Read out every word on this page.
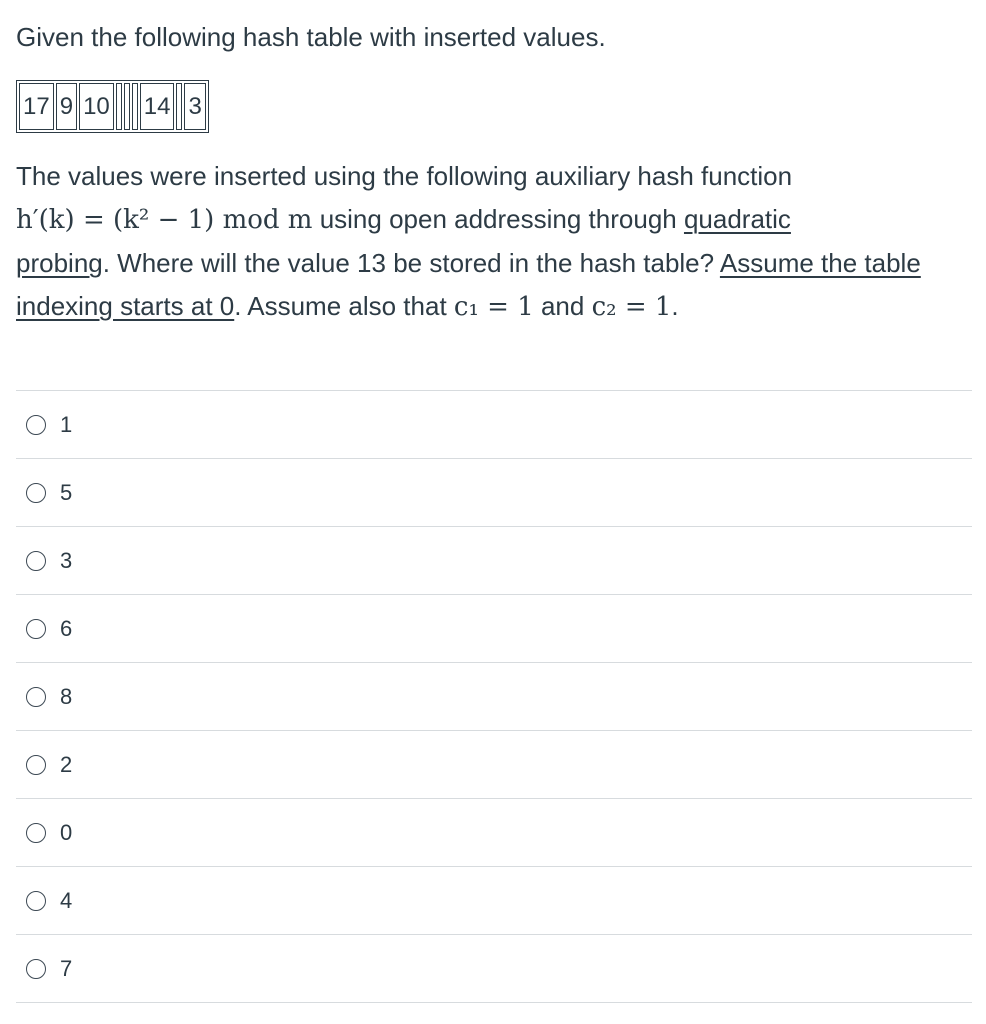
Given the following hash table with inserted values.

17	9	10				14		3

The values were inserted using the following auxiliary hash function
h′(k) = (k² − 1) mod m using open addressing through quadratic
probing. Where will the value 13 be stored in the hash table? Assume the table indexing starts at 0. Assume also that c₁ = 1 and c₂ = 1.

1
5
3
6
8
2
0
4
7
